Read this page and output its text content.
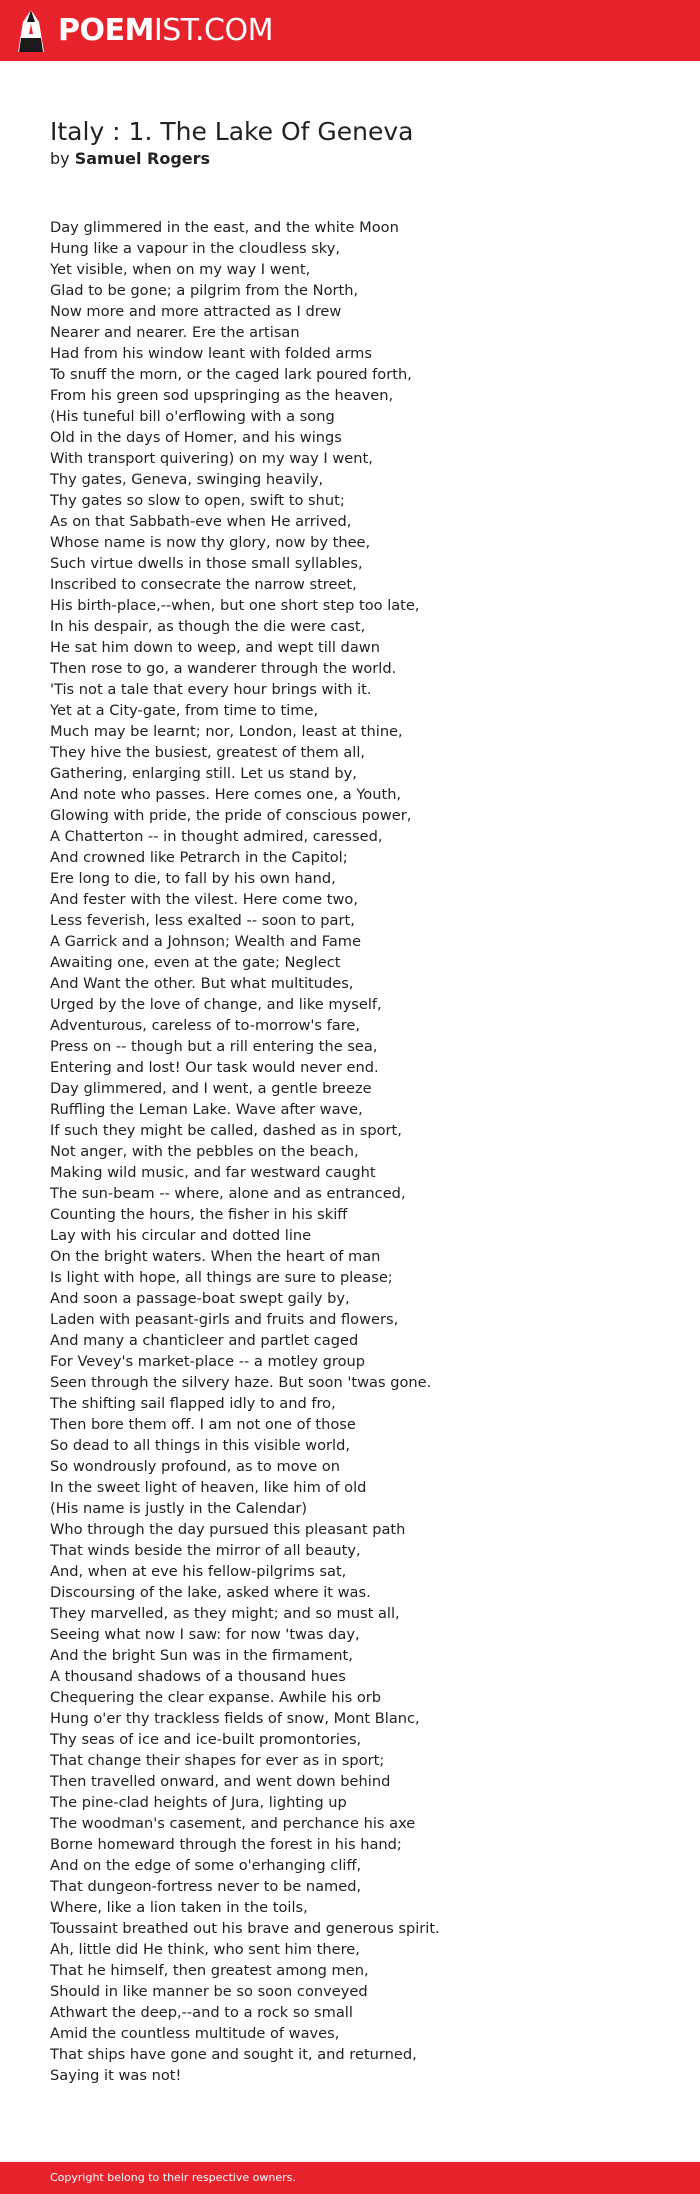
POEMIST.COM
Italy : 1. The Lake Of Geneva
by Samuel Rogers
Day glimmered in the east, and the white Moon
Hung like a vapour in the cloudless sky,
Yet visible, when on my way I went,
Glad to be gone; a pilgrim from the North,
Now more and more attracted as I drew
Nearer and nearer. Ere the artisan
Had from his window leant with folded arms
To snuff the morn, or the caged lark poured forth,
From his green sod upspringing as the heaven,
(His tuneful bill o'erflowing with a song
Old in the days of Homer, and his wings
With transport quivering) on my way I went,
Thy gates, Geneva, swinging heavily,
Thy gates so slow to open, swift to shut;
As on that Sabbath-eve when He arrived,
Whose name is now thy glory, now by thee,
Such virtue dwells in those small syllables,
Inscribed to consecrate the narrow street,
His birth-place,--when, but one short step too late,
In his despair, as though the die were cast,
He sat him down to weep, and wept till dawn
Then rose to go, a wanderer through the world.
'Tis not a tale that every hour brings with it.
Yet at a City-gate, from time to time,
Much may be learnt; nor, London, least at thine,
They hive the busiest, greatest of them all,
Gathering, enlarging still. Let us stand by,
And note who passes. Here comes one, a Youth,
Glowing with pride, the pride of conscious power,
A Chatterton -- in thought admired, caressed,
And crowned like Petrarch in the Capitol;
Ere long to die, to fall by his own hand,
And fester with the vilest. Here come two,
Less feverish, less exalted -- soon to part,
A Garrick and a Johnson; Wealth and Fame
Awaiting one, even at the gate; Neglect
And Want the other. But what multitudes,
Urged by the love of change, and like myself,
Adventurous, careless of to-morrow's fare,
Press on -- though but a rill entering the sea,
Entering and lost! Our task would never end.
Day glimmered, and I went, a gentle breeze
Ruffling the Leman Lake. Wave after wave,
If such they might be called, dashed as in sport,
Not anger, with the pebbles on the beach,
Making wild music, and far westward caught
The sun-beam -- where, alone and as entranced,
Counting the hours, the fisher in his skiff
Lay with his circular and dotted line
On the bright waters. When the heart of man
Is light with hope, all things are sure to please;
And soon a passage-boat swept gaily by,
Laden with peasant-girls and fruits and flowers,
And many a chanticleer and partlet caged
For Vevey's market-place -- a motley group
Seen through the silvery haze. But soon 'twas gone.
The shifting sail flapped idly to and fro,
Then bore them off. I am not one of those
So dead to all things in this visible world,
So wondrously profound, as to move on
In the sweet light of heaven, like him of old
(His name is justly in the Calendar)
Who through the day pursued this pleasant path
That winds beside the mirror of all beauty,
And, when at eve his fellow-pilgrims sat,
Discoursing of the lake, asked where it was.
They marvelled, as they might; and so must all,
Seeing what now I saw: for now 'twas day,
And the bright Sun was in the firmament,
A thousand shadows of a thousand hues
Chequering the clear expanse. Awhile his orb
Hung o'er thy trackless fields of snow, Mont Blanc,
Thy seas of ice and ice-built promontories,
That change their shapes for ever as in sport;
Then travelled onward, and went down behind
The pine-clad heights of Jura, lighting up
The woodman's casement, and perchance his axe
Borne homeward through the forest in his hand;
And on the edge of some o'erhanging cliff,
That dungeon-fortress never to be named,
Where, like a lion taken in the toils,
Toussaint breathed out his brave and generous spirit.
Ah, little did He think, who sent him there,
That he himself, then greatest among men,
Should in like manner be so soon conveyed
Athwart the deep,--and to a rock so small
Amid the countless multitude of waves,
That ships have gone and sought it, and returned,
Saying it was not!
Copyright belong to their respective owners.
